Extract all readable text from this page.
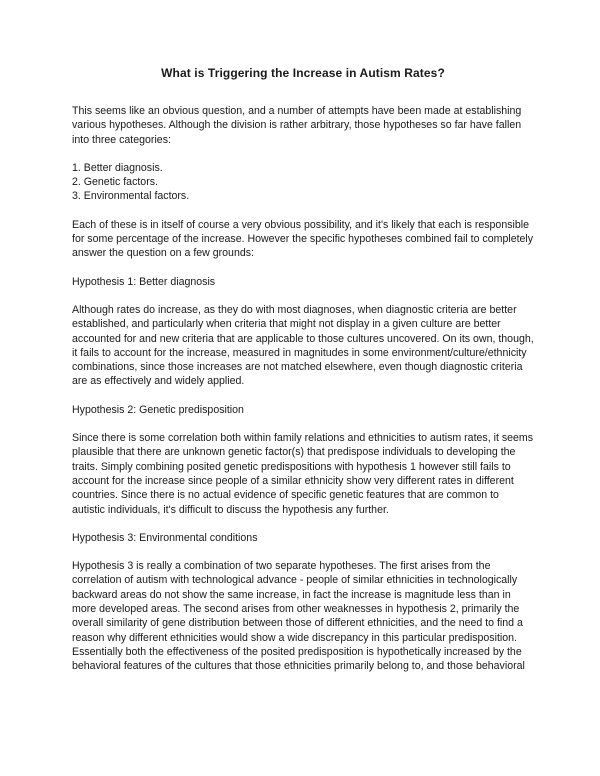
What is Triggering the Increase in Autism Rates?

This seems like an obvious question, and a number of attempts have been made at establishing various hypotheses. Although the division is rather arbitrary, those hypotheses so far have fallen into three categories:

1. Better diagnosis.
2. Genetic factors.
3. Environmental factors.

Each of these is in itself of course a very obvious possibility, and it's likely that each is responsible for some percentage of the increase. However the specific hypotheses combined fail to completely answer the question on a few grounds:

Hypothesis 1: Better diagnosis

Although rates do increase, as they do with most diagnoses, when diagnostic criteria are better established, and particularly when criteria that might not display in a given culture are better accounted for and new criteria that are applicable to those cultures uncovered. On its own, though, it fails to account for the increase, measured in magnitudes in some environment/culture/ethnicity combinations, since those increases are not matched elsewhere, even though diagnostic criteria are as effectively and widely applied.

Hypothesis 2: Genetic predisposition

Since there is some correlation both within family relations and ethnicities to autism rates, it seems plausible that there are unknown genetic factor(s) that predispose individuals to developing the traits. Simply combining posited genetic predispositions with hypothesis 1 however still fails to account for the increase since people of a similar ethnicity show very different rates in different countries. Since there is no actual evidence of specific genetic features that are common to autistic individuals, it's difficult to discuss the hypothesis any further.

Hypothesis 3: Environmental conditions

Hypothesis 3 is really a combination of two separate hypotheses. The first arises from the correlation of autism with technological advance - people of similar ethnicities in technologically backward areas do not show the same increase, in fact the increase is magnitude less than in more developed areas. The second arises from other weaknesses in hypothesis 2, primarily the overall similarity of gene distribution between those of different ethnicities, and the need to find a reason why different ethnicities would show a wide discrepancy in this particular predisposition. Essentially both the effectiveness of the posited predisposition is hypothetically increased by the behavioral features of the cultures that those ethnicities primarily belong to, and those behavioral
